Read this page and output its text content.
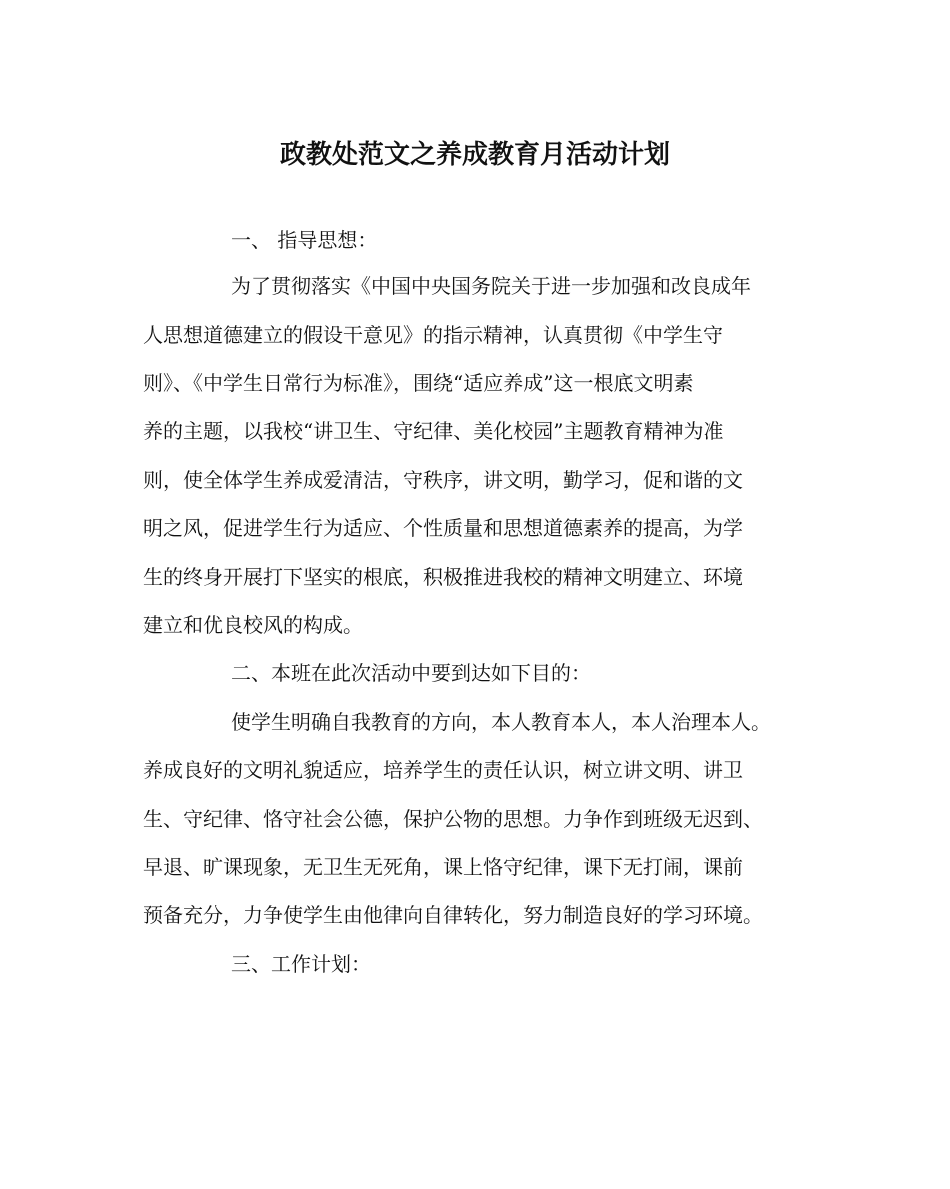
政教处范文之养成教育月活动计划
一、 指导思想：
为了贯彻落实《中国中央国务院关于进一步加强和改良成年
人思想道德建立的假设干意见》的指示精神，认真贯彻《中学生守
则》、《中学生日常行为标准》，围绕“适应养成”这一根底文明素
养的主题，以我校“讲卫生、守纪律、美化校园”主题教育精神为准
则，使全体学生养成爱清洁，守秩序，讲文明，勤学习，促和谐的文
明之风，促进学生行为适应、个性质量和思想道德素养的提高，为学
生的终身开展打下坚实的根底，积极推进我校的精神文明建立、环境
建立和优良校风的构成。
二、本班在此次活动中要到达如下目的：
使学生明确自我教育的方向，本人教育本人，本人治理本人。
养成良好的文明礼貌适应，培养学生的责任认识，树立讲文明、讲卫
生、守纪律、恪守社会公德，保护公物的思想。力争作到班级无迟到、
早退、旷课现象，无卫生无死角，课上恪守纪律，课下无打闹，课前
预备充分，力争使学生由他律向自律转化，努力制造良好的学习环境。
三、工作计划：
